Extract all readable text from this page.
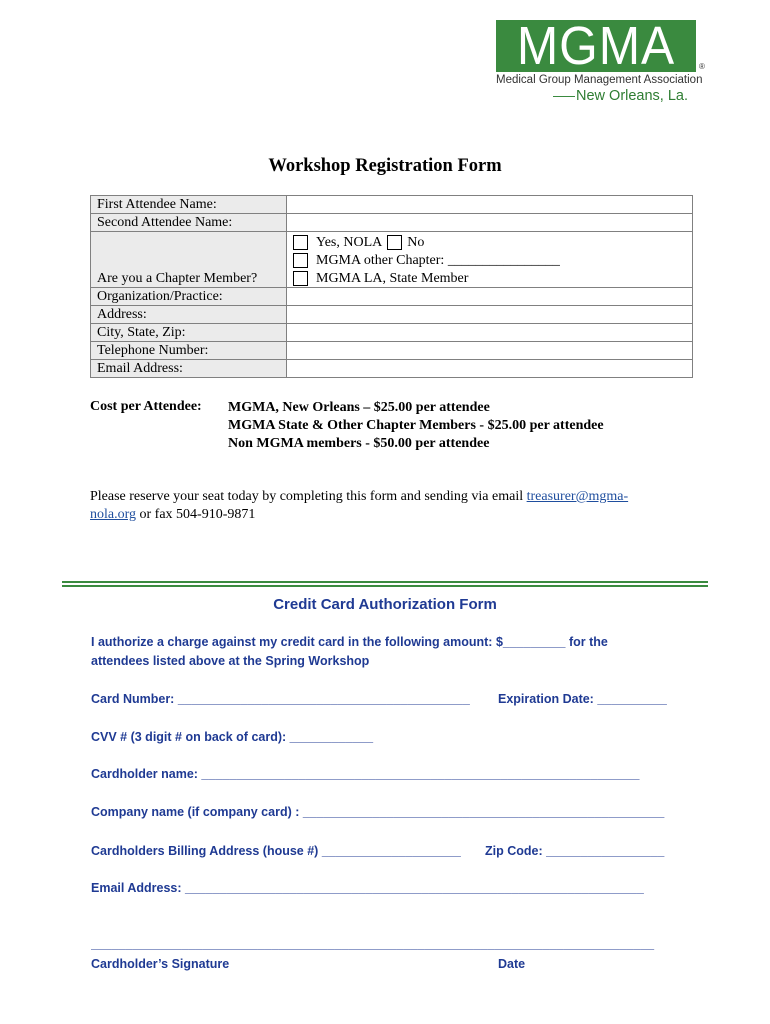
MGMA	®
Medical Group Management Association
New Orleans, La.
Workshop Registration Form
First Attendee Name:	
Second Attendee Name:	
Are you a Chapter Member?	Yes, NOLA No
MGMA other Chapter: ________________
MGMA LA, State Member

Organization/Practice:	
Address:	
City, State, Zip:	
Telephone Number:	
Email Address:	
Cost per Attendee: MGMA, New Orleans – $25.00 per attendee
MGMA State & Other Chapter Members - $25.00 per attendee
Non MGMA members - $50.00 per attendee
Please reserve your seat today by completing this form and sending via email treasurer@mgma-
nola.org or fax 504-910-9871
Credit Card Authorization Form
I authorize a charge against my credit card in the following amount: $_________ for the
attendees listed above at the Spring Workshop
Card Number: __________________________________________ Expiration Date: __________
CVV # (3 digit # on back of card): ____________
Cardholder name: _______________________________________________________________
Company name (if company card) : ____________________________________________________
Cardholders Billing Address (house #) ____________________ Zip Code: _________________
Email Address: __________________________________________________________________
_________________________________________________________________________________
Cardholder’s Signature	Date
